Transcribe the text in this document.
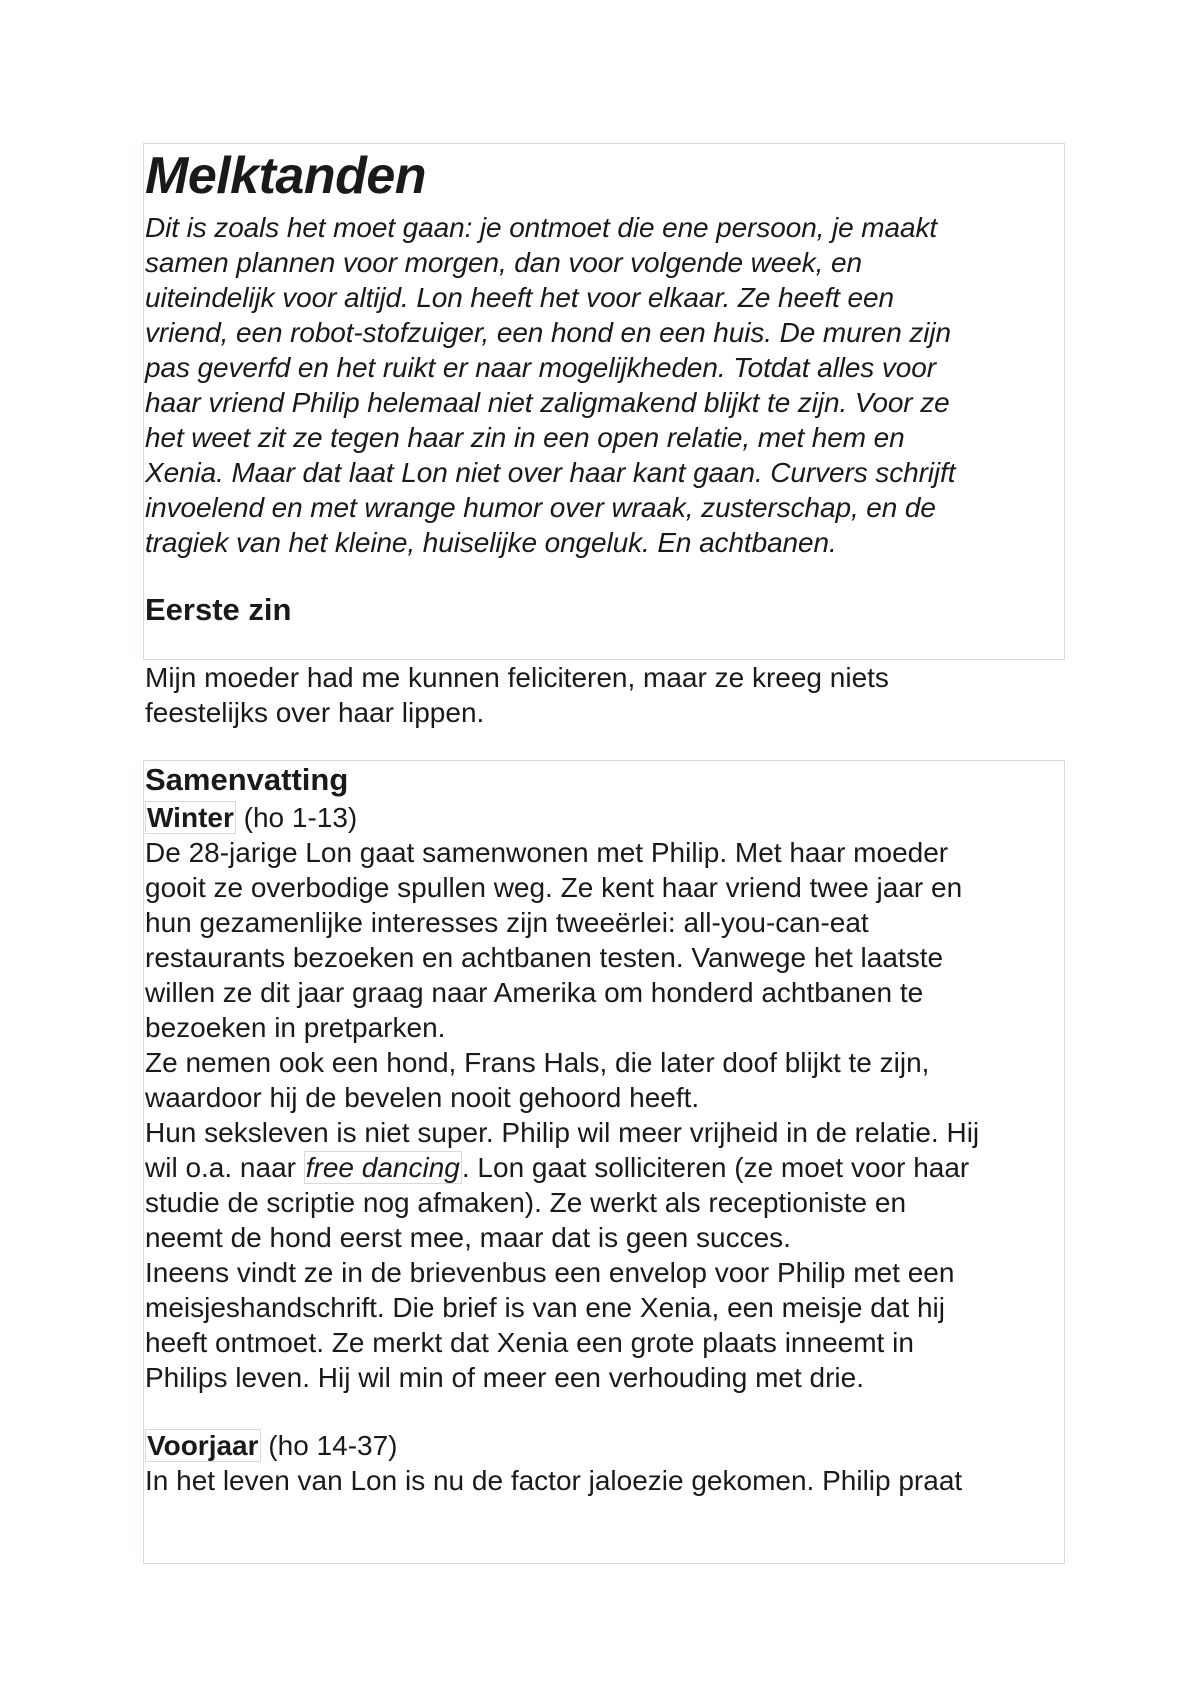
Melktanden

Dit is zoals het moet gaan: je ontmoet die ene persoon, je maakt
samen plannen voor morgen, dan voor volgende week, en
uiteindelijk voor altijd. Lon heeft het voor elkaar. Ze heeft een
vriend, een robot-stofzuiger, een hond en een huis. De muren zijn
pas geverfd en het ruikt er naar mogelijkheden. Totdat alles voor
haar vriend Philip helemaal niet zaligmakend blijkt te zijn. Voor ze
het weet zit ze tegen haar zin in een open relatie, met hem en
Xenia. Maar dat laat Lon niet over haar kant gaan. Curvers schrijft
invoelend en met wrange humor over wraak, zusterschap, en de
tragiek van het kleine, huiselijke ongeluk. En achtbanen.

Eerste zin

Mijn moeder had me kunnen feliciteren, maar ze kreeg niets
feestelijks over haar lippen.

Samenvatting

Winter (ho 1-13)

De 28-jarige Lon gaat samenwonen met Philip. Met haar moeder
gooit ze overbodige spullen weg. Ze kent haar vriend twee jaar en
hun gezamenlijke interesses zijn tweeërlei: all-you-can-eat
restaurants bezoeken en achtbanen testen. Vanwege het laatste
willen ze dit jaar graag naar Amerika om honderd achtbanen te
bezoeken in pretparken.
Ze nemen ook een hond, Frans Hals, die later doof blijkt te zijn,
waardoor hij de bevelen nooit gehoord heeft.
Hun seksleven is niet super. Philip wil meer vrijheid in de relatie. Hij
wil o.a. naar free dancing. Lon gaat solliciteren (ze moet voor haar
studie de scriptie nog afmaken). Ze werkt als receptioniste en
neemt de hond eerst mee, maar dat is geen succes.
Ineens vindt ze in de brievenbus een envelop voor Philip met een
meisjeshandschrift. Die brief is van ene Xenia, een meisje dat hij
heeft ontmoet. Ze merkt dat Xenia een grote plaats inneemt in
Philips leven. Hij wil min of meer een verhouding met drie.

Voorjaar (ho 14-37)

In het leven van Lon is nu de factor jaloezie gekomen. Philip praat
